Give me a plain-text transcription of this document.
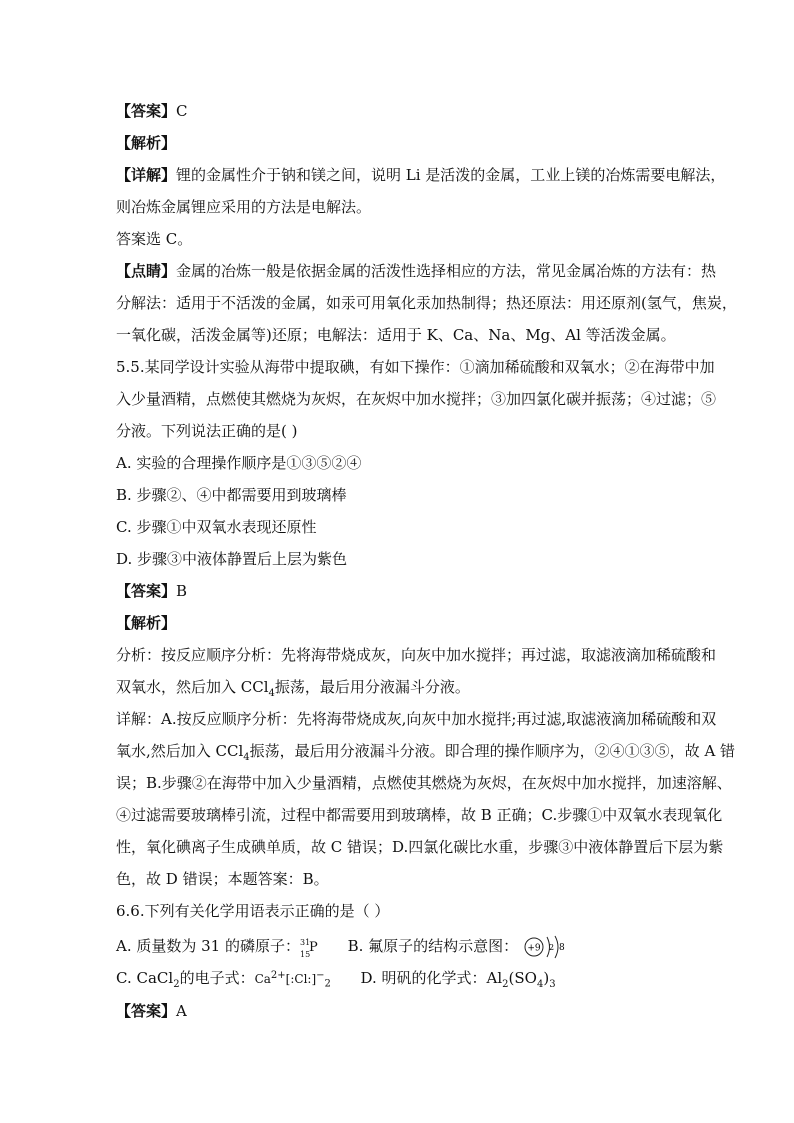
【答案】C
【解析】
【详解】锂的金属性介于钠和镁之间，说明 Li 是活泼的金属，工业上镁的冶炼需要电解法，
则冶炼金属锂应采用的方法是电解法。
答案选 C。
【点睛】金属的冶炼一般是依据金属的活泼性选择相应的方法，常见金属冶炼的方法有：热
分解法：适用于不活泼的金属，如汞可用氧化汞加热制得；热还原法：用还原剂(氢气，焦炭，
一氧化碳，活泼金属等)还原；电解法：适用于 K、Ca、Na、Mg、Al 等活泼金属。
5.5.某同学设计实验从海带中提取碘，有如下操作：①滴加稀硫酸和双氧水；②在海带中加
入少量酒精，点燃使其燃烧为灰烬，在灰烬中加水搅拌；③加四氯化碳并振荡；④过滤；⑤
分液。下列说法正确的是( )
A. 实验的合理操作顺序是①③⑤②④
B. 步骤②、④中都需要用到玻璃棒
C. 步骤①中双氧水表现还原性
D. 步骤③中液体静置后上层为紫色
【答案】B
【解析】
分析：按反应顺序分析：先将海带烧成灰，向灰中加水搅拌；再过滤，取滤液滴加稀硫酸和
双氧水，然后加入 CCl$_4$振荡，最后用分液漏斗分液。
详解：A.按反应顺序分析：先将海带烧成灰,向灰中加水搅拌;再过滤,取滤液滴加稀硫酸和双
氧水,然后加入 CCl$_4$振荡，最后用分液漏斗分液。即合理的操作顺序为，②④①③⑤，故 A 错
误；B.步骤②在海带中加入少量酒精，点燃使其燃烧为灰烬，在灰烬中加水搅拌，加速溶解、
④过滤需要玻璃棒引流，过程中都需要用到玻璃棒，故 B 正确；C.步骤①中双氧水表现氧化
性，氧化碘离子生成碘单质，故 C 错误；D.四氯化碳比水重，步骤③中液体静置后下层为紫
色，故 D 错误；本题答案：B。
6.6.下列有关化学用语表示正确的是（ ）
A. 质量数为 31 的磷原子： 31
15
P B. 氟原子的结构示意图： +9 2 8
C. CaCl$_2$的电子式：$Ca^{2+}[:Cl:]^-_2$ D. 明矾的化学式：$Al_2(SO_4)_3$
【答案】A
